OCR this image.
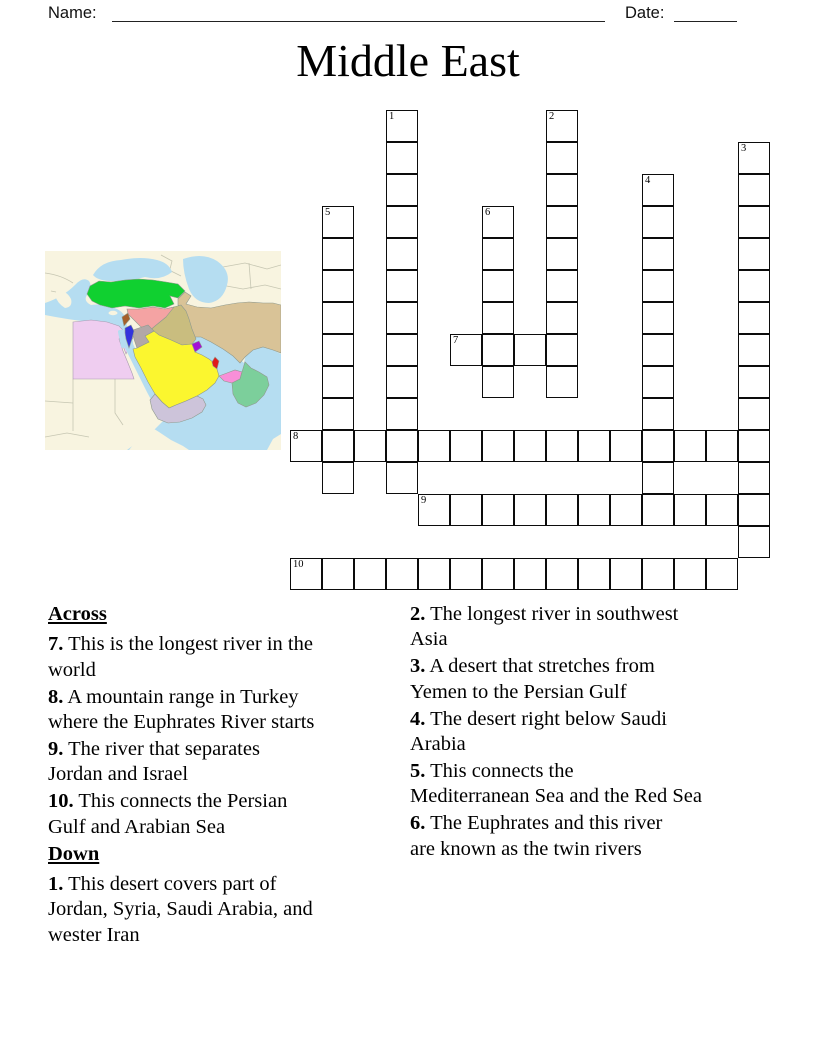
Name:	Date:
Middle East
1	2
3
4
5	6
7
8
9
10

Across

7. This is the longest river in the
world

8. A mountain range in Turkey
where the Euphrates River starts

9. The river that separates
Jordan and Israel

10. This connects the Persian
Gulf and Arabian Sea

Down

1. This desert covers part of
Jordan, Syria, Saudi Arabia, and
wester Iran

2. The longest river in southwest
Asia

3. A desert that stretches from
Yemen to the Persian Gulf

4. The desert right below Saudi
Arabia

5. This connects the
Mediterranean Sea and the Red Sea

6. The Euphrates and this river
are known as the twin rivers
